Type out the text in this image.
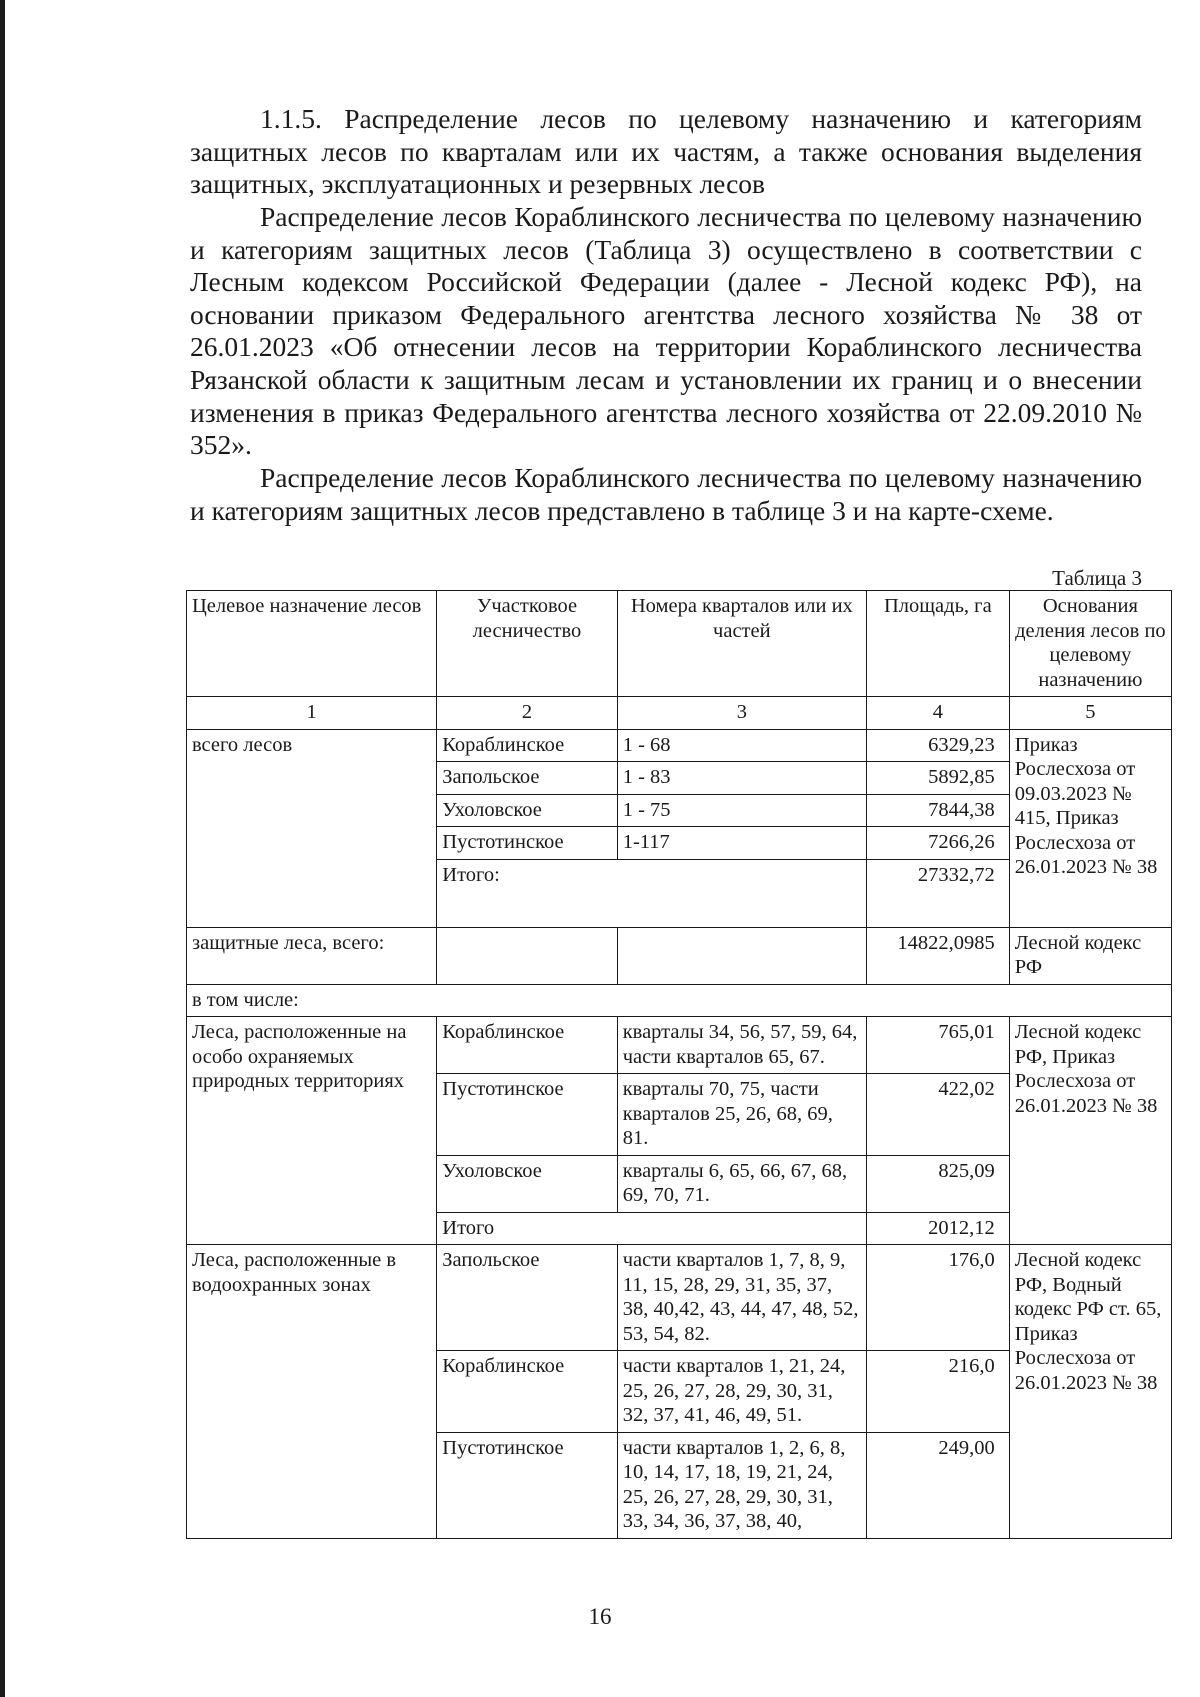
1.1.5. Распределение лесов по целевому назначению и категориям защитных лесов по кварталам или их частям, а также основания выделения защитных, эксплуатационных и резервных лесов

Распределение лесов Кораблинского лесничества по целевому назначению и категориям защитных лесов (Таблица 3) осуществлено в соответствии с Лесным кодексом Российской Федерации (далее - Лесной кодекс РФ), на основании приказом Федерального агентства лесного хозяйства № 38 от 26.01.2023 «Об отнесении лесов на территории Кораблинского лесничества Рязанской области к защитным лесам и установлении их границ и о внесении изменения в приказ Федерального агентства лесного хозяйства от 22.09.2010 № 352».

Распределение лесов Кораблинского лесничества по целевому назначению и категориям защитных лесов представлено в таблице 3 и на карте-схеме.

Таблица 3
Целевое назначение лесов	Участковое лесничество	Номера кварталов или их частей	Площадь, га	Основания деления лесов по целевому назначению
1	2	3	4	5
всего лесов	Кораблинское	1 - 68	6329,23	Приказ Рослесхоза от 09.03.2023 № 415, Приказ Рослесхоза от 26.01.2023 № 38
	Запольское	1 - 83	5892,85	
	Ухоловское	1 - 75	7844,38	
	Пустотинское	1-117	7266,26	
	Итого:		27332,72	
защитные леса, всего:			14822,0985	Лесной кодекс РФ
в том числе:				
Леса, расположенные на особо охраняемых природных территориях	Кораблинское	кварталы 34, 56, 57, 59, 64, части кварталов 65, 67.	765,01	Лесной кодекс РФ, Приказ Рослесхоза от 26.01.2023 № 38
	Пустотинское	кварталы 70, 75, части кварталов 25, 26, 68, 69, 81.	422,02	
	Ухоловское	кварталы 6, 65, 66, 67, 68, 69, 70, 71.	825,09	
	Итого		2012,12	
Леса, расположенные в водоохранных зонах	Запольское	части кварталов 1, 7, 8, 9, 11, 15, 28, 29, 31, 35, 37, 38, 40,42, 43, 44, 47, 48, 52, 53, 54, 82.	176,0	Лесной кодекс РФ, Водный кодекс РФ ст. 65, Приказ Рослесхоза от 26.01.2023 № 38
	Кораблинское	части кварталов 1, 21, 24, 25, 26, 27, 28, 29, 30, 31, 32, 37, 41, 46, 49, 51.	216,0	
	Пустотинское	части кварталов 1, 2, 6, 8, 10, 14, 17, 18, 19, 21, 24, 25, 26, 27, 28, 29, 30, 31, 33, 34, 36, 37, 38, 40,	249,00	
16
